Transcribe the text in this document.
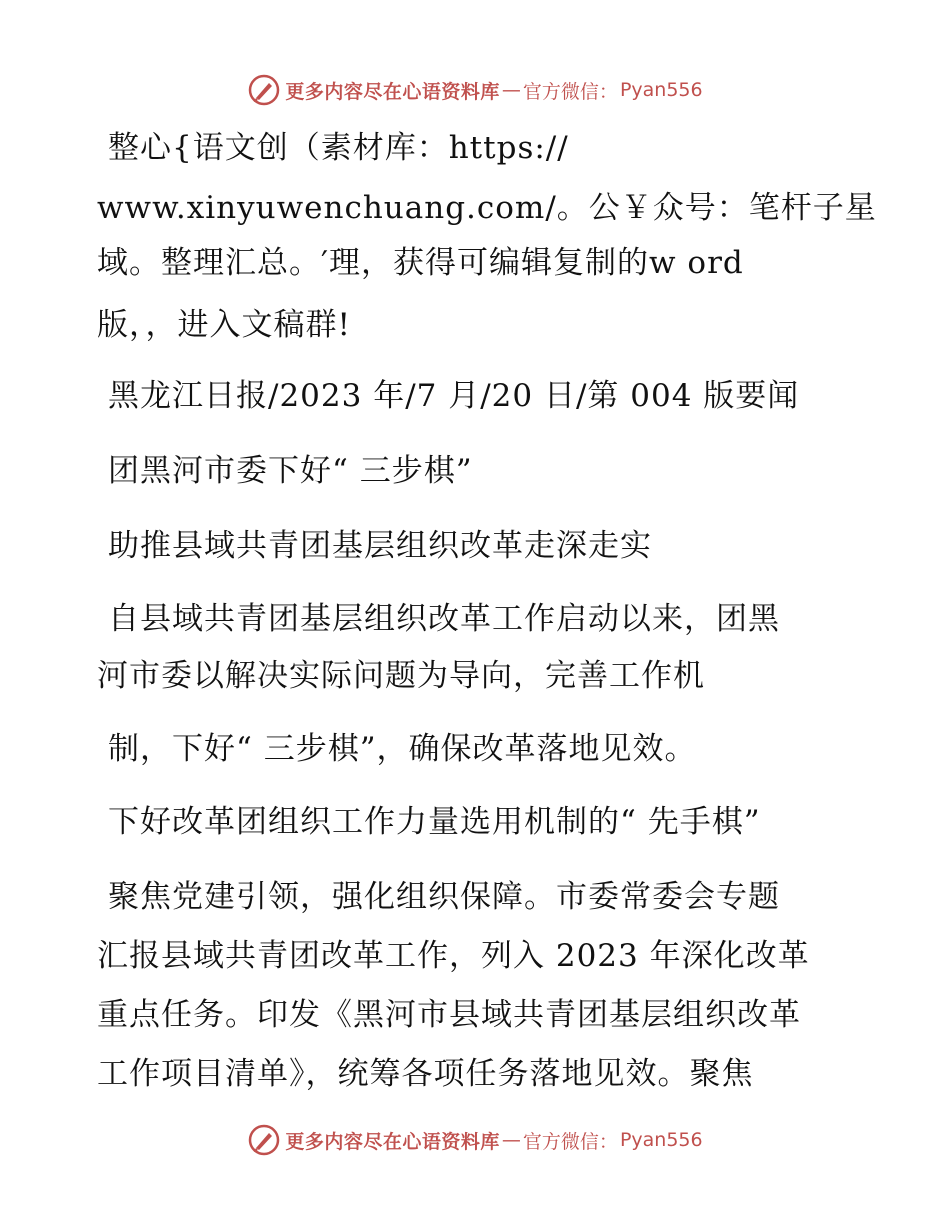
更多内容尽在心语资料库 — 官方微信： Pyan556
整心{语文创（素材库：https://
www.xinyuwenchuang.com/。公￥众号：笔杆子星
域。整理汇总。′理，获得可编辑复制的w ord
版，，进入文稿群!
黑龙江日报/2023 年/7 月/20 日/第 004 版要闻
团黑河市委下好“ 三步棋”
助推县域共青团基层组织改革走深走实
自县域共青团基层组织改革工作启动以来，团黑
河市委以解决实际问题为导向，完善工作机
制，下好“ 三步棋”，确保改革落地见效。
下好改革团组织工作力量选用机制的“ 先手棋”
聚焦党建引领，强化组织保障。市委常委会专题
汇报县域共青团改革工作，列入 2023 年深化改革
重点任务。印发《黑河市县域共青团基层组织改革
工作项目清单》，统筹各项任务落地见效。聚焦
更多内容尽在心语资料库 — 官方微信： Pyan556
